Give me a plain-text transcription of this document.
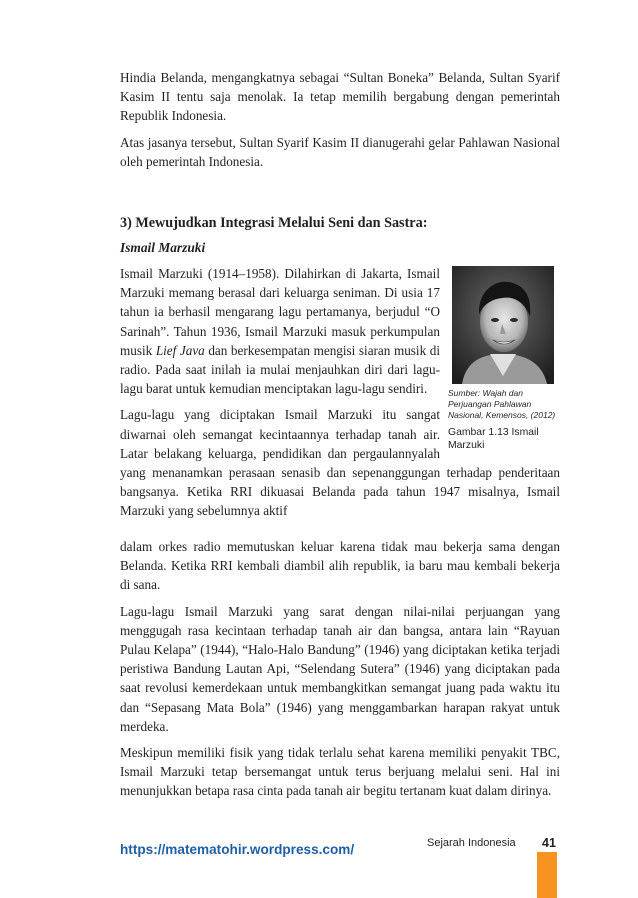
Hindia Belanda, mengangkatnya sebagai “Sultan Boneka” Belanda, Sultan Syarif Kasim II tentu saja menolak. Ia tetap memilih bergabung dengan pemerintah Republik Indonesia.

Atas jasanya tersebut, Sultan Syarif Kasim II dianugerahi gelar Pahlawan Nasional oleh pemerintah Indonesia.

3) Mewujudkan Integrasi Melalui Seni dan Sastra:
Ismail Marzuki
Sumber: Wajah dan Perjuangan Pahlawan Nasional, Kemensos, (2012)
Gambar 1.13 Ismail Marzuki

Ismail Marzuki (1914–1958). Dilahirkan di Jakarta, Ismail Marzuki memang berasal dari keluarga seniman. Di usia 17 tahun ia berhasil mengarang lagu pertamanya, berjudul “O Sarinah”. Tahun 1936, Ismail Marzuki masuk perkumpulan musik Lief Java dan berkesempatan mengisi siaran musik di radio. Pada saat inilah ia mulai menjauhkan diri dari lagu-lagu barat untuk kemudian menciptakan lagu-lagu sendiri.

Lagu-lagu yang diciptakan Ismail Marzuki itu sangat diwarnai oleh semangat kecintaannya terhadap tanah air. Latar belakang keluarga, pendidikan dan pergaulannyalah yang menanamkan perasaan senasib dan sepenanggungan terhadap penderitaan bangsanya. Ketika RRI dikuasai Belanda pada tahun 1947 misalnya, Ismail Marzuki yang sebelumnya aktif

dalam orkes radio memutuskan keluar karena tidak mau bekerja sama dengan Belanda. Ketika RRI kembali diambil alih republik, ia baru mau kembali bekerja di sana.

Lagu-lagu Ismail Marzuki yang sarat dengan nilai-nilai perjuangan yang menggugah rasa kecintaan terhadap tanah air dan bangsa, antara lain “Rayuan Pulau Kelapa” (1944), “Halo-Halo Bandung” (1946) yang diciptakan ketika terjadi peristiwa Bandung Lautan Api, “Selendang Sutera” (1946) yang diciptakan pada saat revolusi kemerdekaan untuk membangkitkan semangat juang pada waktu itu dan “Sepasang Mata Bola” (1946) yang menggambarkan harapan rakyat untuk merdeka.

Meskipun memiliki fisik yang tidak terlalu sehat karena memiliki penyakit TBC, Ismail Marzuki tetap bersemangat untuk terus berjuang melalui seni. Hal ini menunjukkan betapa rasa cinta pada tanah air begitu tertanam kuat dalam dirinya.

https://matematohir.wordpress.com/	Sejarah Indonesia 41
